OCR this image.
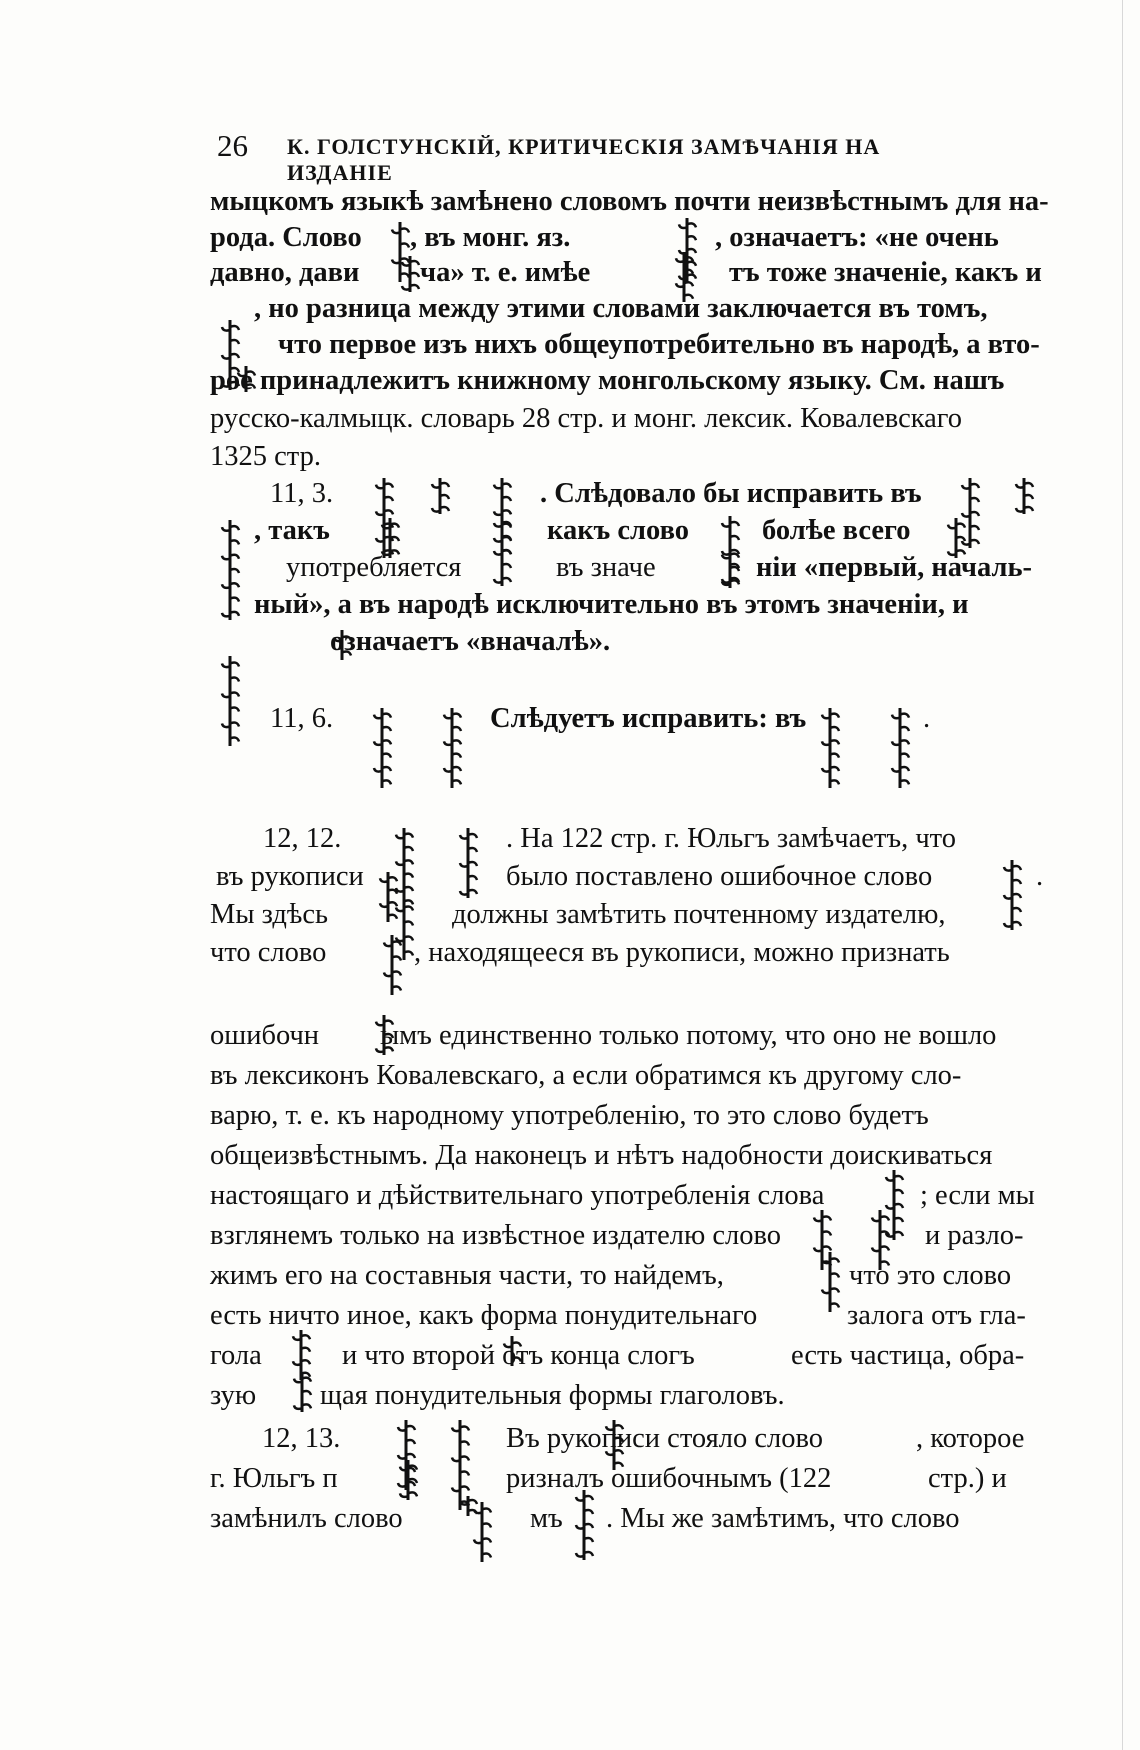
26 К. ГОЛСТУНСКІЙ, КРИТИЧЕСКІЯ ЗАМѢЧАНІЯ НА ИЗДАНІЕ
мыцкомъ языкѣ замѣнено словомъ почти неизвѣстнымъ для на-
рода. Слово , въ монг. яз.	, означаетъ: «не очень
давно, дави ча» т. е. имѣе	тъ тоже значеніе, какъ и
, но разница между этими словами заключается въ томъ,
что первое изъ нихъ общеупотребительно въ народѣ, а вто-
рое принадлежитъ книжному монгольскому языку. См. нашъ
русско-калмыцк. словарь 28 стр. и монг. лексик. Ковалевскаго
1325 стр.
11, 3.	. Слѣдовало бы исправить въ
, такъ	какъ слово	болѣе всего
употребляется	въ значе	ніи «первый, началь-
ный», а въ народѣ исключительно въ этомъ значеніи, и
означаетъ «вначалѣ».
11, 6.	Слѣдуетъ исправить: въ	.
12, 12.	. На 122 стр. г. Юльгъ замѣчаетъ, что
въ рукописи	было поставлено ошибочное слово	.
Мы здѣсь	должны замѣтить почтенному издателю,
что слово	, находящееся въ рукописи, можно признать
ошибочн ымъ единственно только потому, что оно не вошло
въ лексиконъ Ковалевскаго, а если обратимся къ другому сло-
варю, т. е. къ народному употребленію, то это слово будетъ
общеизвѣстнымъ. Да наконецъ и нѣтъ надобности доискиваться
настоящаго и дѣйствительнаго употребленія слова	; если мы
взглянемъ только на извѣстное издателю слово	и разло-
жимъ его на составныя части, то найдемъ,	что это слово
есть ничто иное, какъ форма понудительнаго	залога отъ гла-
гола	и что второй отъ конца слогъ	есть частица, обра-
зую щая понудительныя формы глаголовъ.
12, 13.	Въ рукописи стояло слово	, которое
г. Юльгъ п	ризналъ ошибочнымъ (122	стр.) и
замѣнилъ слово	мъ . Мы же замѣтимъ, что слово
